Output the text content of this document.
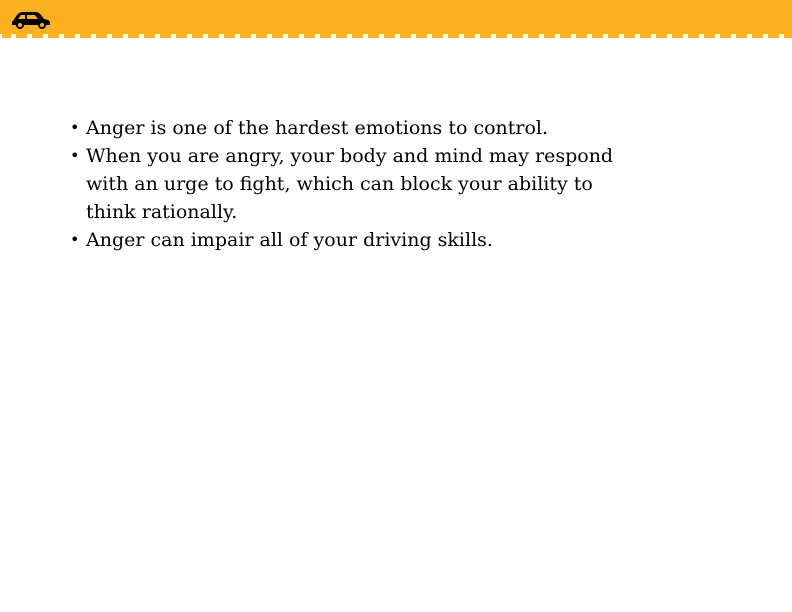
• Anger is one of the hardest emotions to control.
• When you are angry, your body and mind may respond with an urge to fight, which can block your ability to think rationally.
• Anger can impair all of your driving skills.
